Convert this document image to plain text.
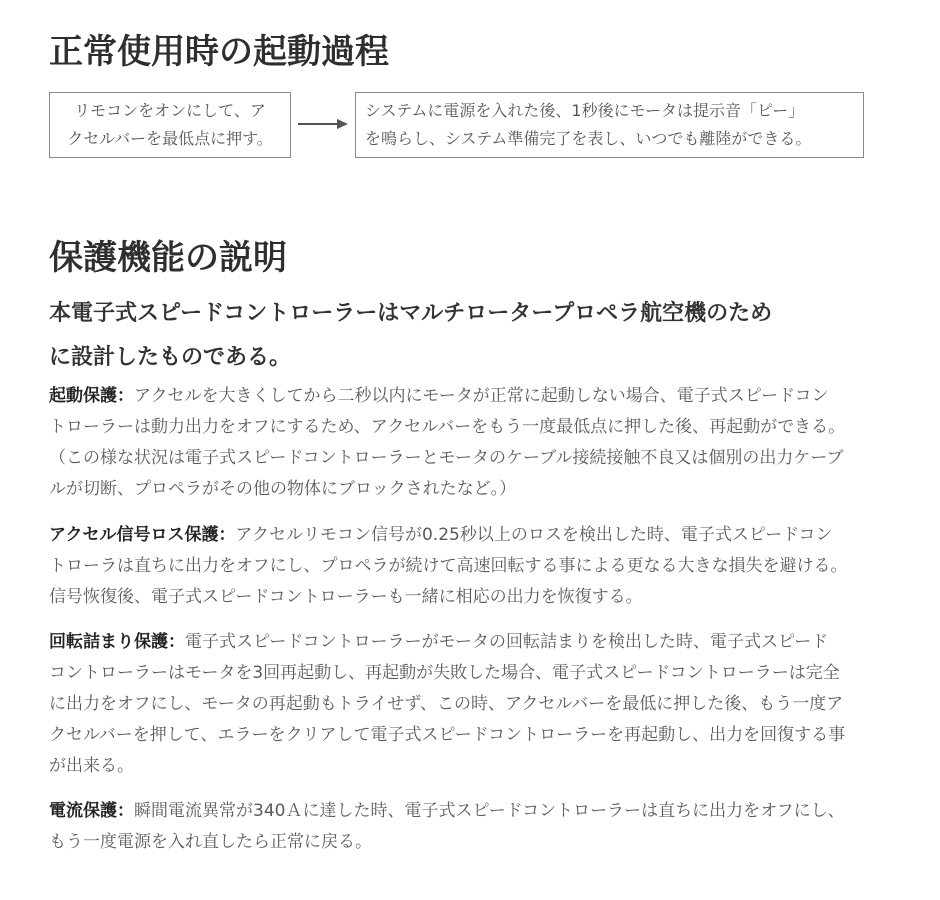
正常使用時の起動過程
リモコンをオンにして、ア
クセルバーを最低点に押す。
システムに電源を入れた後、1秒後にモータは提示音「ピー」
を鳴らし、システム準備完了を表し、いつでも離陸ができる。
保護機能の説明
本電子式スピードコントローラーはマルチロータープロペラ航空機のため
に設計したものである。
起動保護：アクセルを大きくしてから二秒以内にモータが正常に起動しない場合、電子式スピードコン
トローラーは動力出力をオフにするため、アクセルバーをもう一度最低点に押した後、再起動ができる。
（この様な状況は電子式スピードコントローラーとモータのケーブル接続接触不良又は個別の出力ケーブ
ルが切断、プロペラがその他の物体にブロックされたなど。）
アクセル信号ロス保護：アクセルリモコン信号が0.25秒以上のロスを検出した時、電子式スピードコン
トローラは直ちに出力をオフにし、プロペラが続けて高速回転する事による更なる大きな損失を避ける。
信号恢復後、電子式スピードコントローラーも一緒に相応の出力を恢復する。
回転詰まり保護：電子式スピードコントローラーがモータの回転詰まりを検出した時、電子式スピード
コントローラーはモータを3回再起動し、再起動が失敗した場合、電子式スピードコントローラーは完全
に出力をオフにし、モータの再起動もトライせず、この時、アクセルバーを最低に押した後、もう一度ア
クセルバーを押して、エラーをクリアして電子式スピードコントローラーを再起動し、出力を回復する事
が出来る。
電流保護：瞬間電流異常が340Ａに達した時、電子式スピードコントローラーは直ちに出力をオフにし、
もう一度電源を入れ直したら正常に戻る。
